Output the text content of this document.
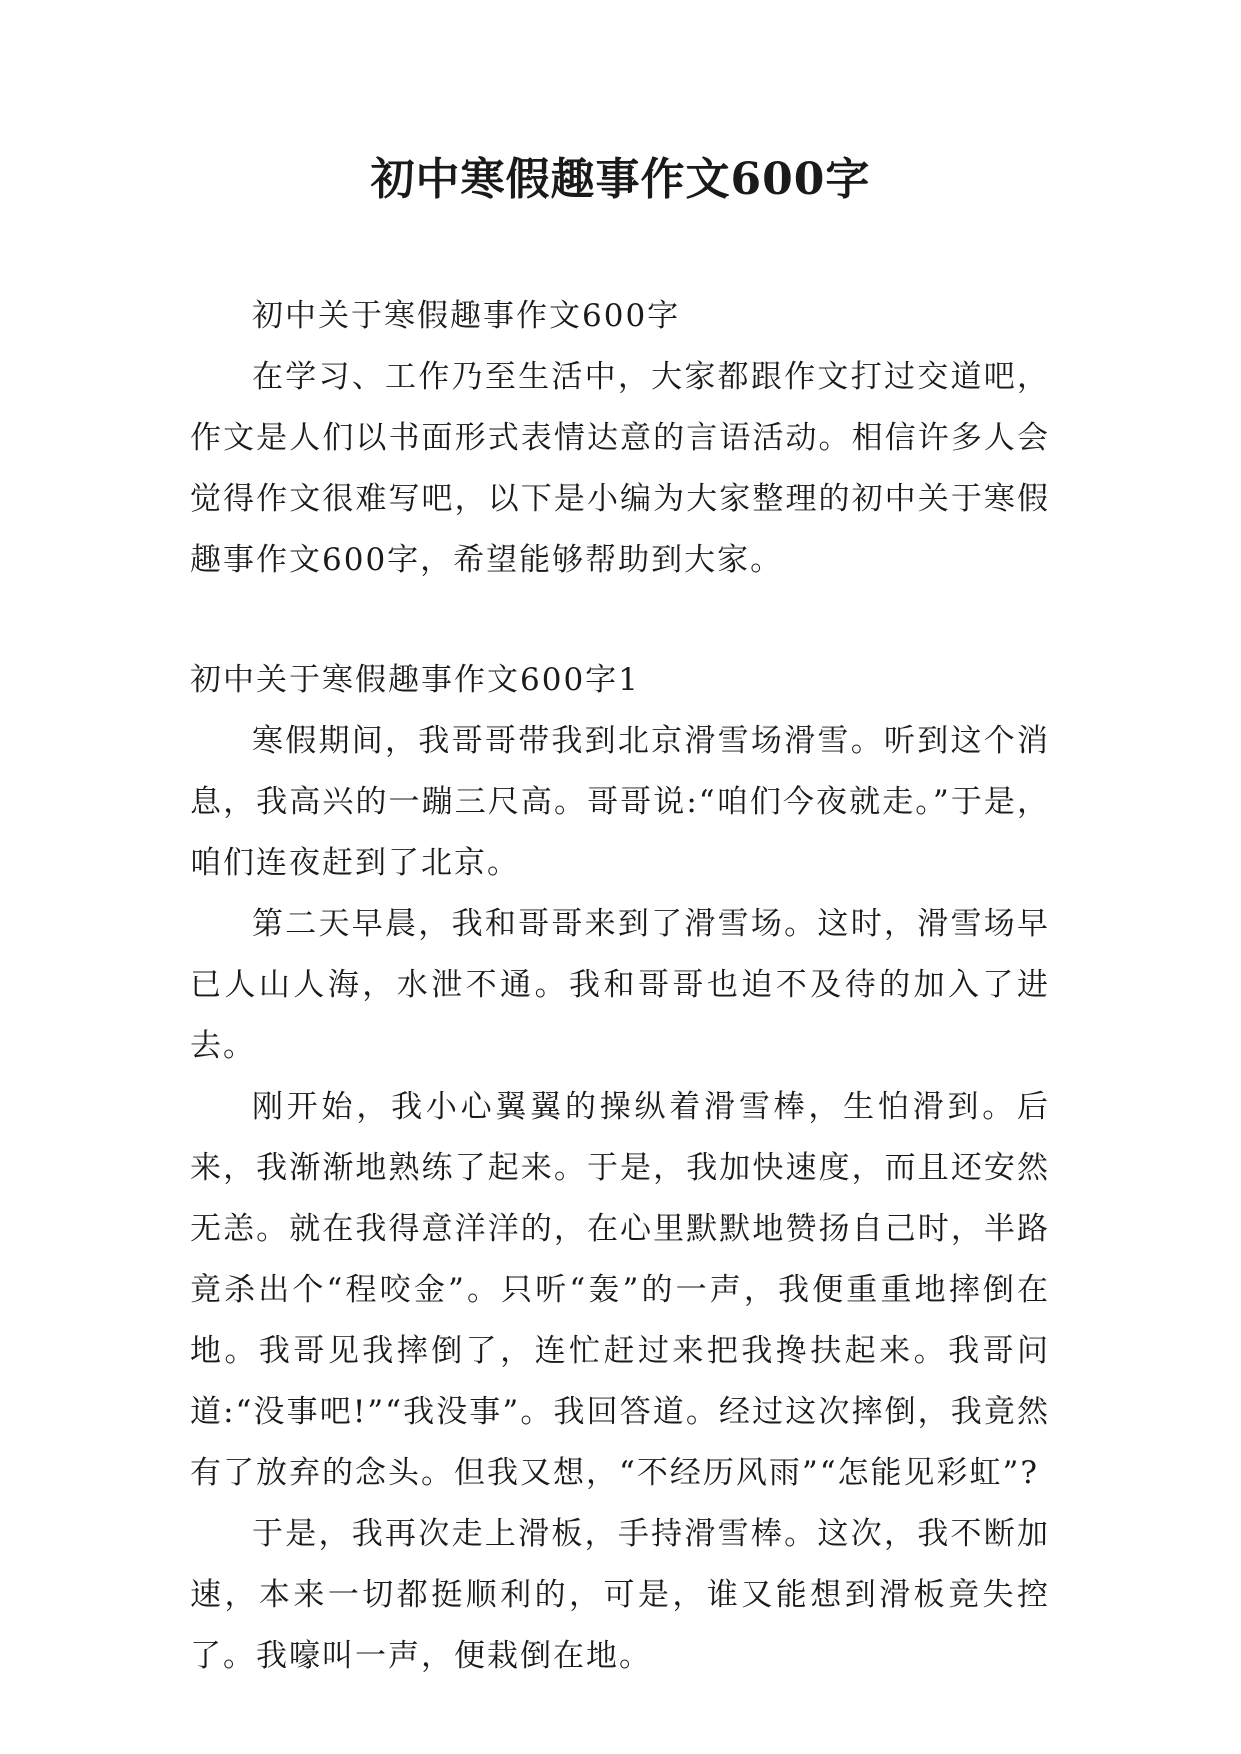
初中寒假趣事作文600字

初中关于寒假趣事作文600字

在学习、工作乃至生活中，大家都跟作文打过交道吧，作文是人们以书面形式表情达意的言语活动。相信许多人会觉得作文很难写吧，以下是小编为大家整理的初中关于寒假趣事作文600字，希望能够帮助到大家。

初中关于寒假趣事作文600字1

寒假期间，我哥哥带我到北京滑雪场滑雪。听到这个消息，我高兴的一蹦三尺高。哥哥说:“咱们今夜就走。”于是，咱们连夜赶到了北京。

第二天早晨，我和哥哥来到了滑雪场。这时，滑雪场早已人山人海，水泄不通。我和哥哥也迫不及待的加入了进去。

刚开始，我小心翼翼的操纵着滑雪棒，生怕滑到。后来，我渐渐地熟练了起来。于是，我加快速度，而且还安然无恙。就在我得意洋洋的，在心里默默地赞扬自己时，半路竟杀出个“程咬金”。只听“轰”的一声，我便重重地摔倒在地。我哥见我摔倒了，连忙赶过来把我搀扶起来。我哥问道:“没事吧!”“我没事”。我回答道。经过这次摔倒，我竟然有了放弃的念头。但我又想，“不经历风雨”“怎能见彩虹”?

于是，我再次走上滑板，手持滑雪棒。这次，我不断加速，本来一切都挺顺利的，可是，谁又能想到滑板竟失控了。我嚎叫一声，便栽倒在地。
